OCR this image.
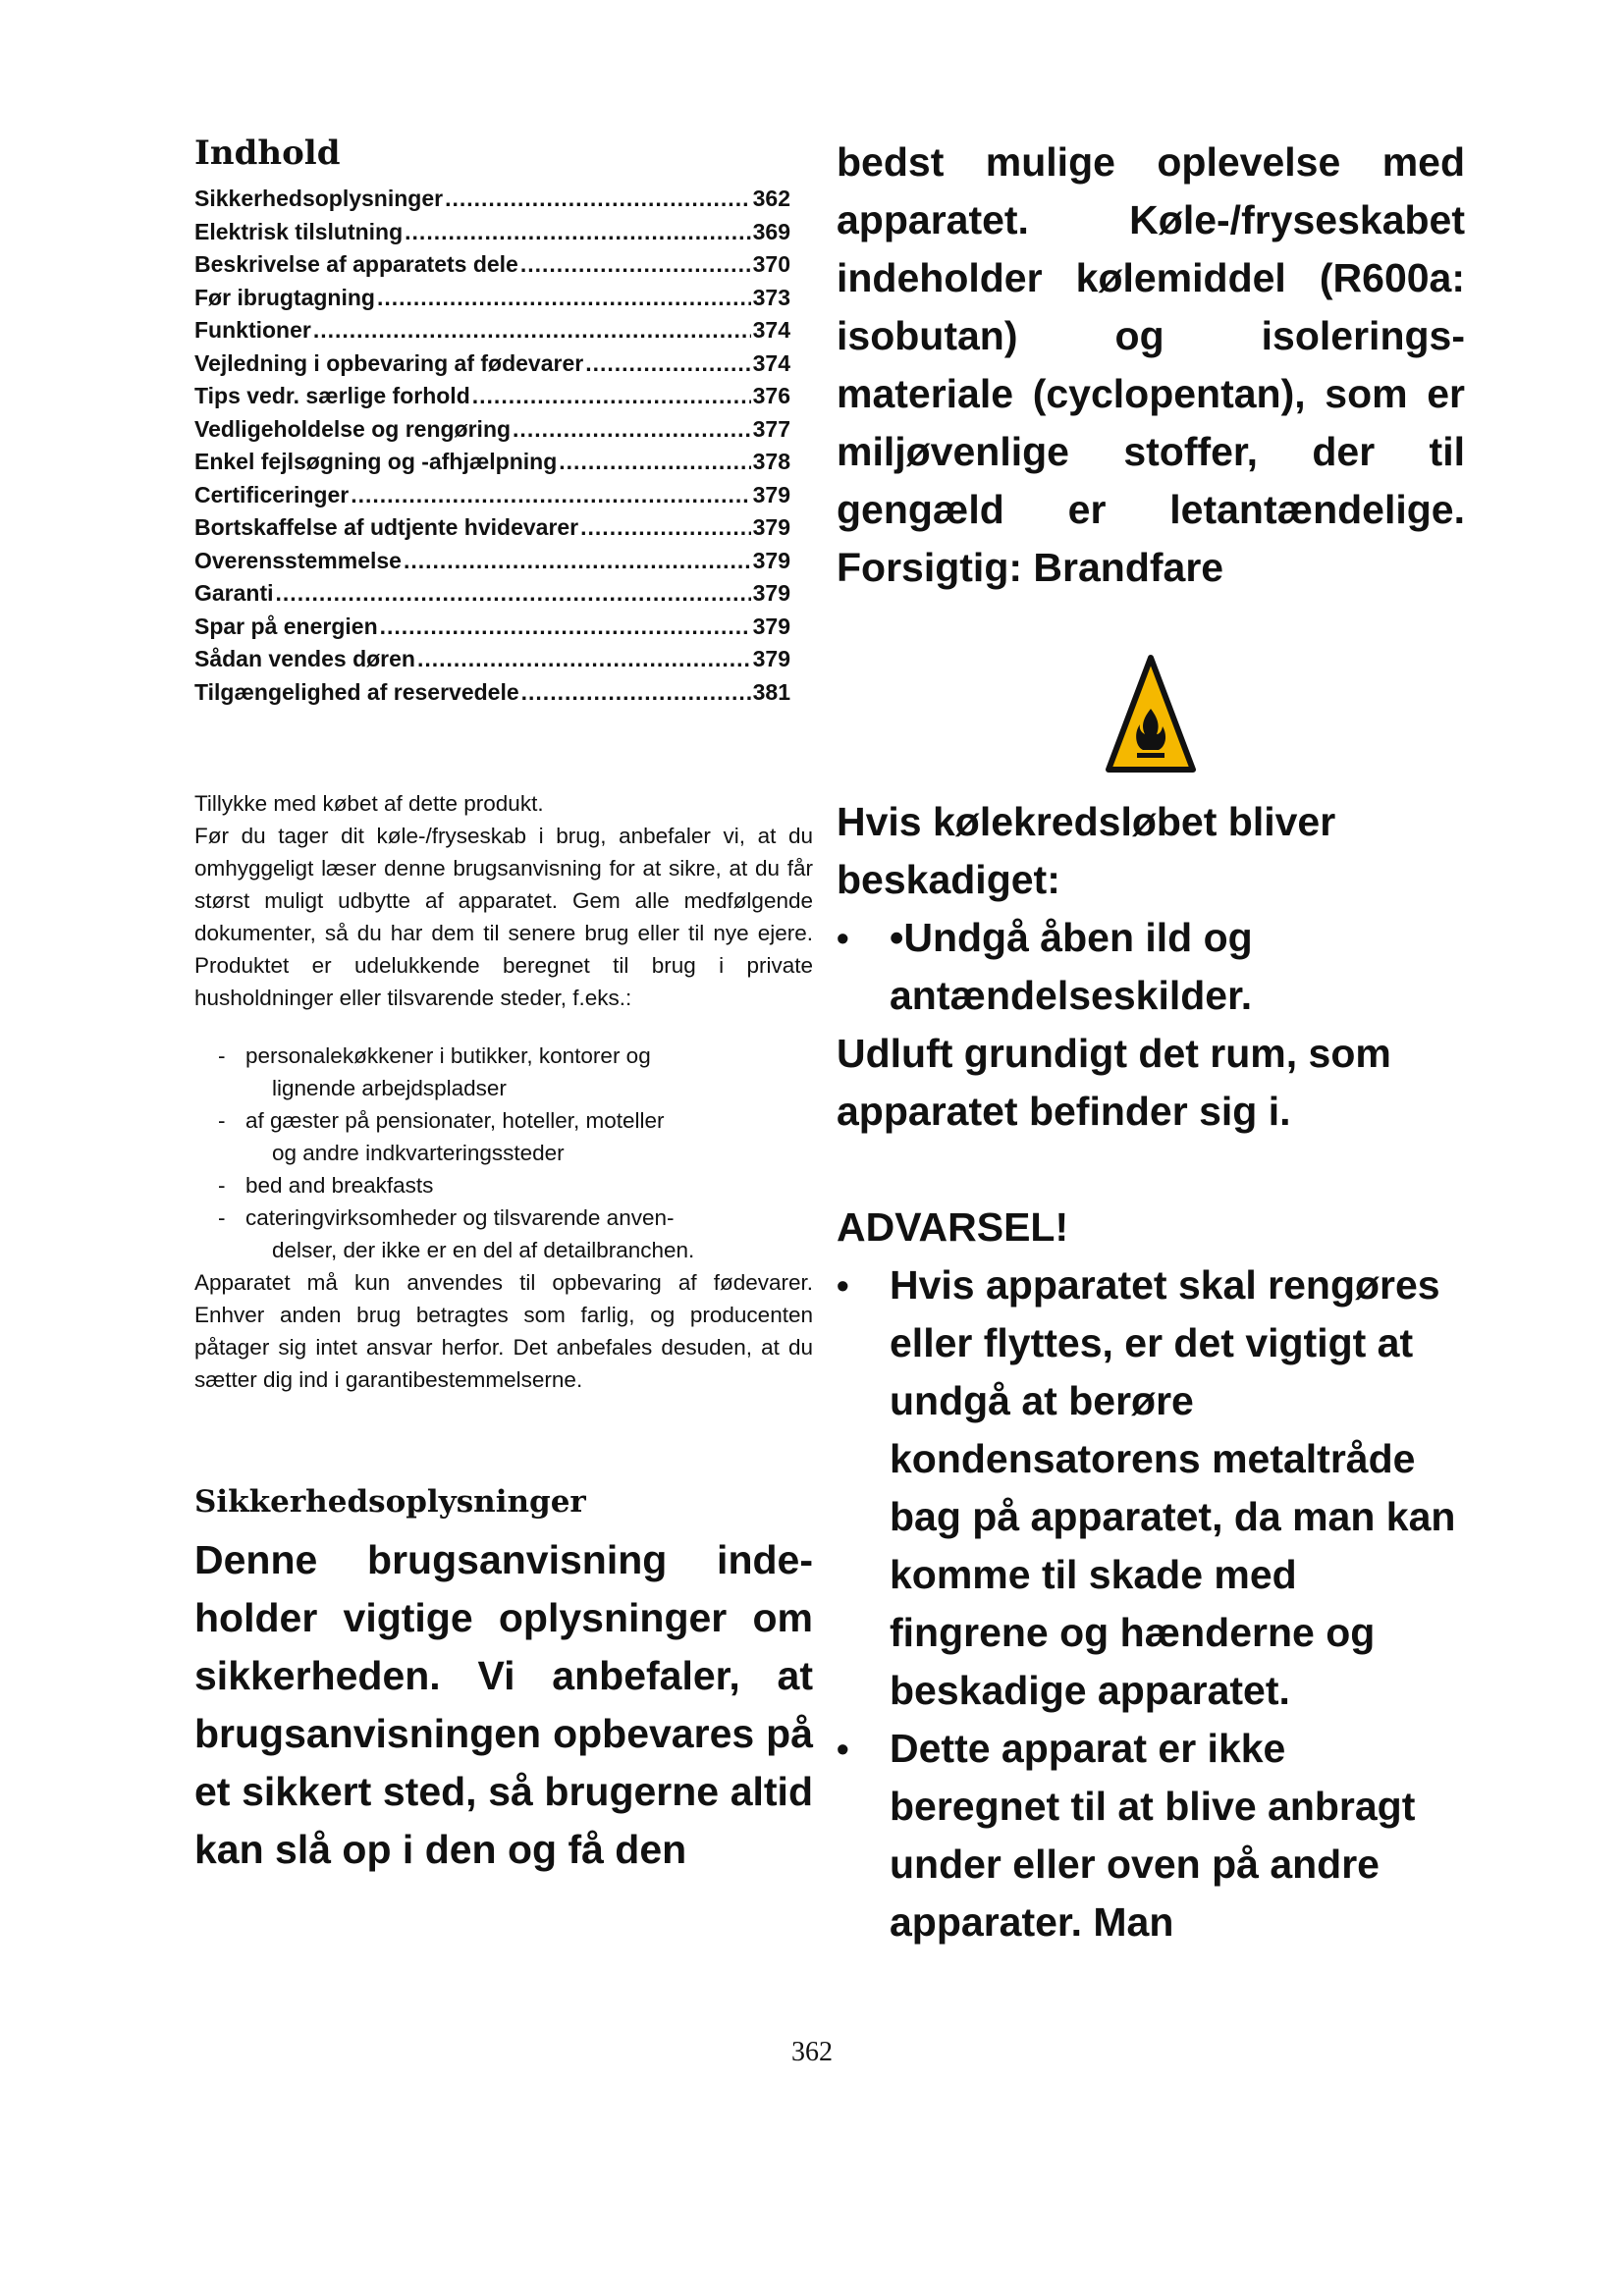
Indhold
Sikkerhedsoplysninger .....	362
Elektrisk tilslutning .....	369
Beskrivelse af apparatets dele .....	370
Før ibrugtagning .....	373
Funktioner .....	374
Vejledning i opbevaring af fødevarer .....	374
Tips vedr. særlige forhold .....	376
Vedligeholdelse og rengøring .....	377
Enkel fejlsøgning og -afhjælpning .....	378
Certificeringer .....	379
Bortskaffelse af udtjente hvidevarer .....	379
Overensstemmelse .....	379
Garanti .....	379
Spar på energien .....	379
Sådan vendes døren .....	379
Tilgængelighed af reservedele .....	381

Tillykke med købet af dette produkt.

Før du tager dit køle-/fryseskab i brug, anbefaler vi, at du omhyggeligt læser denne brugsanvisning for at sikre, at du får størst muligt udbytte af apparatet. Gem alle medfølgende dokumenter, så du har dem til senere brug eller til nye ejere. Produktet er udelukkende beregnet til brug i private husholdninger eller tilsvarende steder, f.eks.:

- personalekøkkener i butikker, kontorer og
lignende arbejdspladser
- af gæster på pensionater, hoteller, moteller
og andre indkvarteringssteder
- bed and breakfasts
- cateringvirksomheder og tilsvarende anven-
delser, der ikke er en del af detailbranchen.

Apparatet må kun anvendes til opbevaring af fødevarer. Enhver anden brug betragtes som farlig, og producenten påtager sig intet ansvar herfor. Det anbefales desuden, at du sætter dig ind i garantibestemmelserne.

Sikkerhedsoplysninger

Denne brugsanvisning inde-holder vigtige oplysninger om sikkerheden. Vi anbefaler, at brugsanvisningen opbevares på et sikkert sted, så brugerne altid kan slå op i den og få den

bedst mulige oplevelse med apparatet. Køle-/fryseskabet indeholder kølemiddel (R600a: isobutan) og isolerings-materiale (cyclopentan), som er miljøvenlige stoffer, der til gengæld er letantændelige. Forsigtig: Brandfare

Hvis kølekredsløbet bliver beskadiget:

• •Undgå åben ild og antændelseskilder.

Udluft grundigt det rum, som apparatet befinder sig i.

ADVARSEL!

• Hvis apparatet skal rengøres eller flyttes, er det vigtigt at undgå at berøre kondensatorens metaltråde bag på apparatet, da man kan komme til skade med fingrene og hænderne og beskadige apparatet.
• Dette apparat er ikke beregnet til at blive anbragt under eller oven på andre apparater. Man
362
